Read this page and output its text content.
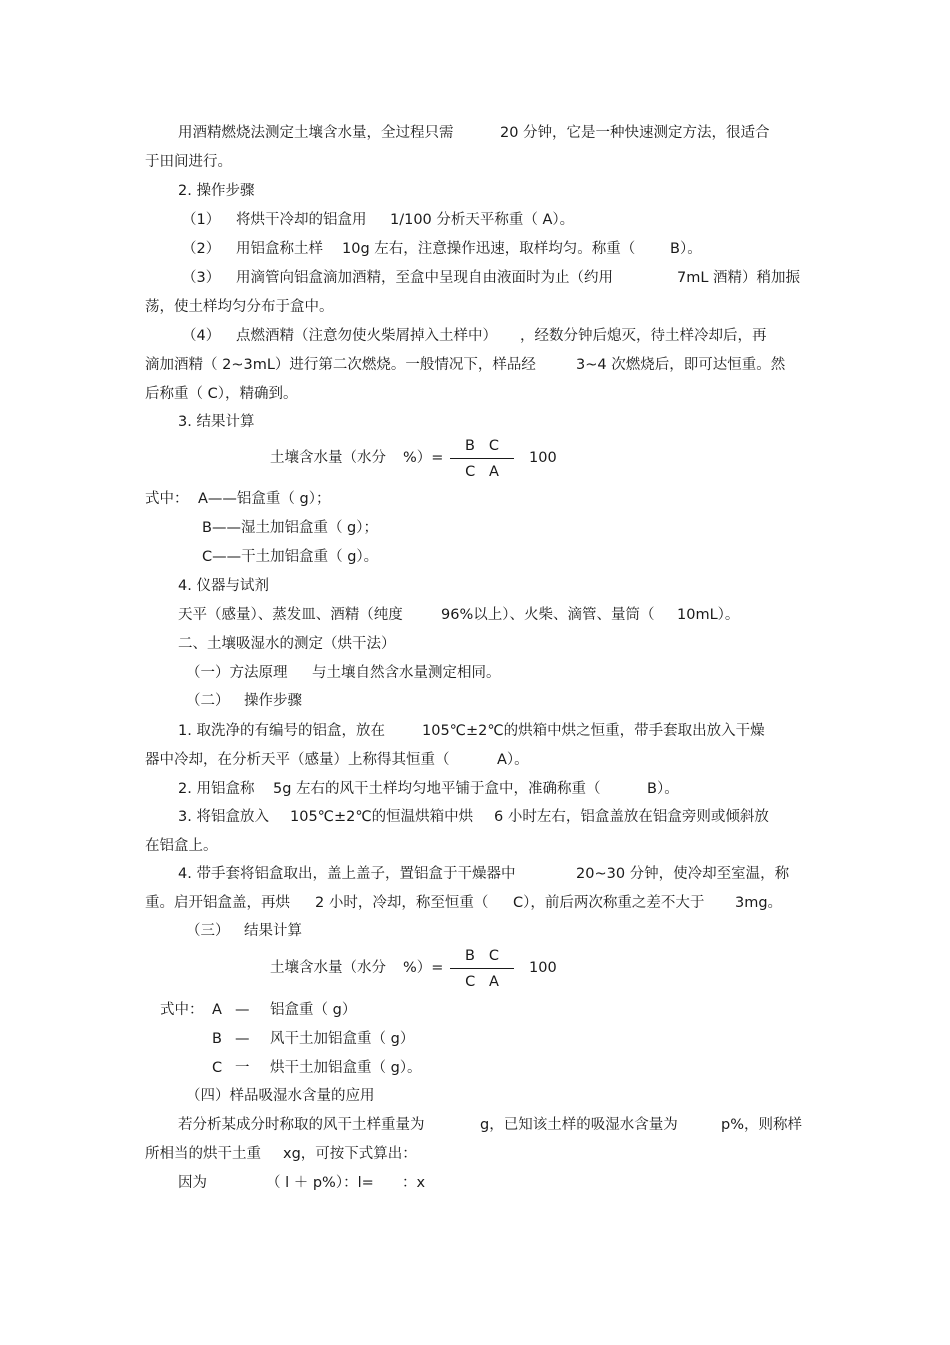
用酒精燃烧法测定土壤含水量，全过程只需	20 分钟，它是一种快速测定方法，很适合
于田间进行。
2. 操作步骤
（1） 将烘干冷却的铝盒用 1/100 分析天平称重（ A）。
（2） 用铝盒称土样 10g 左右，注意操作迅速，取样均匀。称重（ B）。
（3） 用滴管向铝盒滴加酒精，至盒中呈现自由液面时为止（约用	7mL 酒精）稍加振
荡，使土样均匀分布于盒中。
（4） 点燃酒精（注意勿使火柴屑掉入土样中） ，经数分钟后熄灭，待土样冷却后，再
滴加酒精（ 2~3mL）进行第二次燃烧。一般情况下，样品经	3~4 次燃烧后，即可达恒重。然
后称重（ C），精确到。
3. 结果计算
土壤含水量（水分 %）=
B   C
C   A
100
式中： A——铝盒重（ g）；
B——湿土加铝盒重（ g）；
C——干土加铝盒重（ g）。
4. 仪器与试剂
天平（感量）、蒸发皿、酒精（纯度	96%以上）、火柴、滴管、量筒（ 10mL）。
二、土壤吸湿水的测定（烘干法）
（一）方法原理 与土壤自然含水量测定相同。
（二） 操作步骤
1. 取洗净的有编号的铝盒，放在	105℃±2℃的烘箱中烘之恒重，带手套取出放入干燥
器中冷却，在分析天平（感量）上称得其恒重（	A）。
2. 用铝盒称 5g 左右的风干土样均匀地平铺于盒中，准确称重（	B）。
3. 将铝盒放入 105℃±2℃的恒温烘箱中烘 6 小时左右，铝盒盖放在铝盒旁则或倾斜放
在铝盒上。
4. 带手套将铝盒取出，盖上盖子，置铝盒于干燥器中	20~30 分钟，使冷却至室温，称
重。启开铝盒盖，再烘 2 小时，冷却，称至恒重（ C），前后两次称重之差不大于 3mg。
（三） 结果计算
土壤含水量（水分 %）=
B   C
C   A
100
式中： A — 铝盒重（ g）
B — 风干土加铝盒重（ g）
C 一 烘干土加铝盒重（ g）。
（四）样品吸湿水含量的应用
若分析某成分时称取的风干土样重量为	g，已知该土样的吸湿水含量为	p%，则称样
所相当的烘干土重 xg，可按下式算出：
因为	（ l ＋ p%）：l= ：x
